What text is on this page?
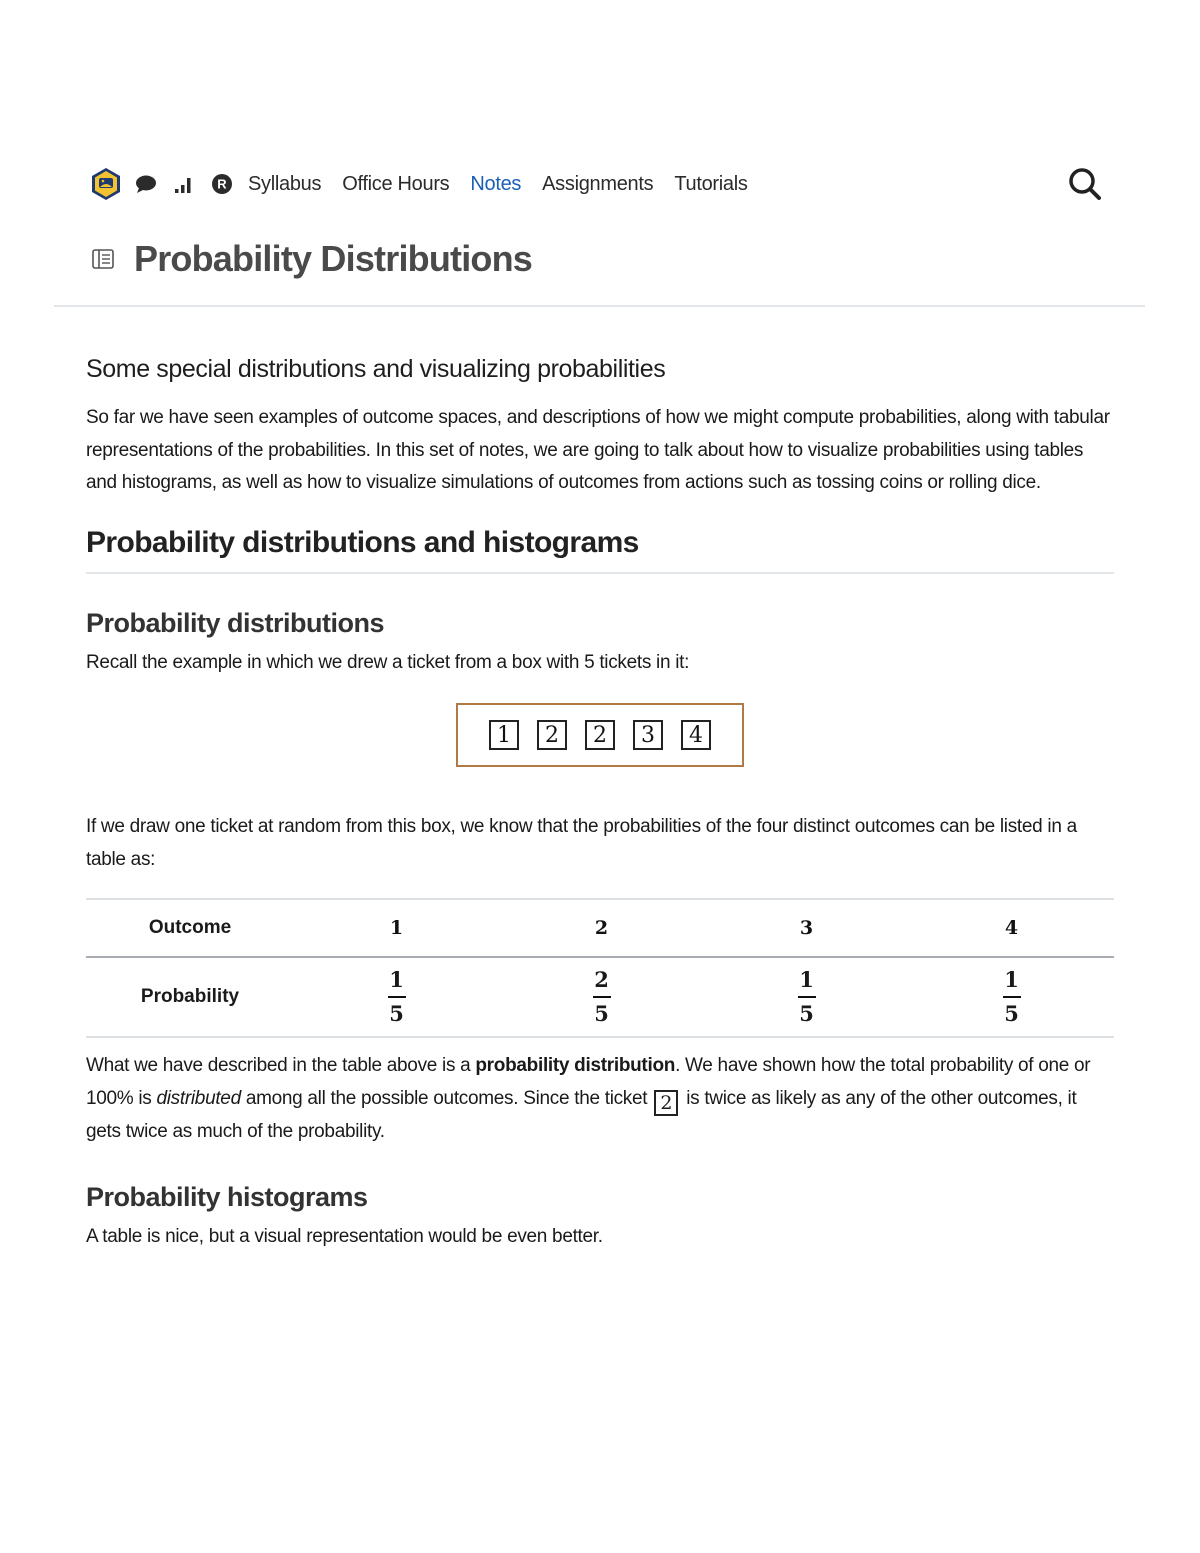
R Syllabus Office Hours Notes Assignments Tutorials
Probability Distributions
Some special distributions and visualizing probabilities

So far we have seen examples of outcome spaces, and descriptions of how we might compute probabilities, along with tabular representations of the probabilities. In this set of notes, we are going to talk about how to visualize probabilities using tables and histograms, as well as how to visualize simulations of outcomes from actions such as tossing coins or rolling dice.

Probability distributions and histograms
Probability distributions

Recall the example in which we drew a ticket from a box with 5 tickets in it:

1	2	2	3	4

If we draw one ticket at random from this box, we know that the probabilities of the four distinct outcomes can be listed in a table as:

Outcome	1	2	3	4
Probability	$\frac{1}{5}$	$\frac{2}{5}$	$\frac{1}{5}$	$\frac{1}{5}$

What we have described in the table above is a probability distribution. We have shown how the total probability of one or 100% is distributed among all the possible outcomes. Since the ticket 2 is twice as likely as any of the other outcomes, it gets twice as much of the probability.

Probability histograms

A table is nice, but a visual representation would be even better.
